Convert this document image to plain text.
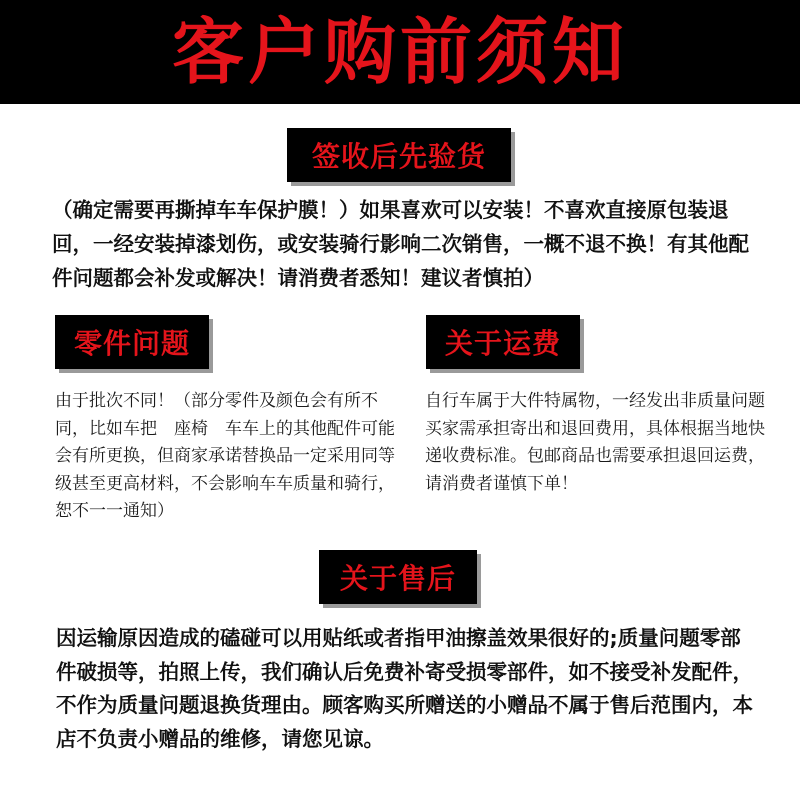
客户购前须知
签收后先验货

（确定需要再撕掉车车保护膜！）如果喜欢可以安装！不喜欢直接原包装退回，一经安装掉漆划伤，或安装骑行影响二次销售，一概不退不换！有其他配件问题都会补发或解决！请消费者悉知！建议者慎拍）

零件问题

由于批次不同！（部分零件及颜色会有所不同，比如车把　座椅　车车上的其他配件可能会有所更换，但商家承诺替换品一定采用同等级甚至更高材料，不会影响车车质量和骑行，恕不一一通知）

关于运费

自行车属于大件特属物，一经发出非质量问题买家需承担寄出和退回费用，具体根据当地快递收费标准。包邮商品也需要承担退回运费，请消费者谨慎下单！

关于售后

因运输原因造成的磕碰可以用贴纸或者指甲油擦盖效果很好的;质量问题零部件破损等，拍照上传，我们确认后免费补寄受损零部件，如不接受补发配件，不作为质量问题退换货理由。顾客购买所赠送的小赠品不属于售后范围内，本店不负责小赠品的维修，请您见谅。
